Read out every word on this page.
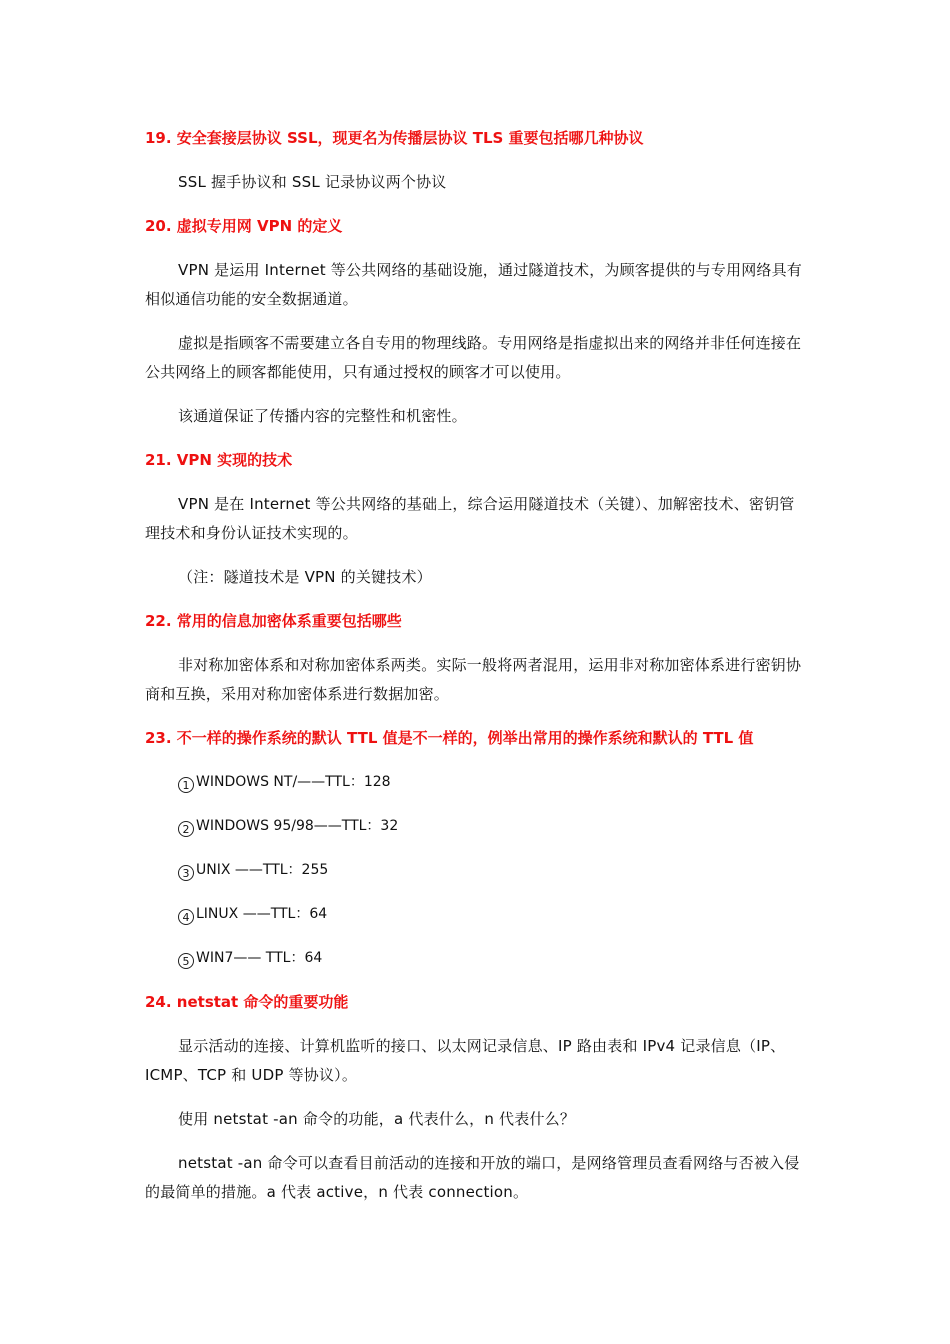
19. 安全套接层协议 SSL，现更名为传播层协议 TLS 重要包括哪几种协议
SSL 握手协议和 SSL 记录协议两个协议
20. 虚拟专用网 VPN 的定义
VPN 是运用 Internet 等公共网络的基础设施，通过隧道技术，为顾客提供的与专用网络具有相似通信功能的安全数据通道。
虚拟是指顾客不需要建立各自专用的物理线路。专用网络是指虚拟出来的网络并非任何连接在公共网络上的顾客都能使用，只有通过授权的顾客才可以使用。
该通道保证了传播内容的完整性和机密性。
21. VPN 实现的技术
VPN 是在 Internet 等公共网络的基础上，综合运用隧道技术（关键）、加解密技术、密钥管理技术和身份认证技术实现的。
（注：隧道技术是 VPN 的关键技术）
22. 常用的信息加密体系重要包括哪些
非对称加密体系和对称加密体系两类。实际一般将两者混用，运用非对称加密体系进行密钥协商和互换，采用对称加密体系进行数据加密。
23. 不一样的操作系统的默认 TTL 值是不一样的，例举出常用的操作系统和默认的 TTL 值
1 WINDOWS NT/——TTL：128
2 WINDOWS 95/98——TTL：32
3 UNIX ——TTL：255
4 LINUX ——TTL：64
5 WIN7—— TTL：64
24. netstat 命令的重要功能
显示活动的连接、计算机监听的接口、以太网记录信息、IP 路由表和 IPv4 记录信息（IP、ICMP、TCP 和 UDP 等协议）。
使用 netstat -an 命令的功能，a 代表什么，n 代表什么？
netstat -an 命令可以查看目前活动的连接和开放的端口，是网络管理员查看网络与否被入侵的最简单的措施。a 代表 active，n 代表 connection。
